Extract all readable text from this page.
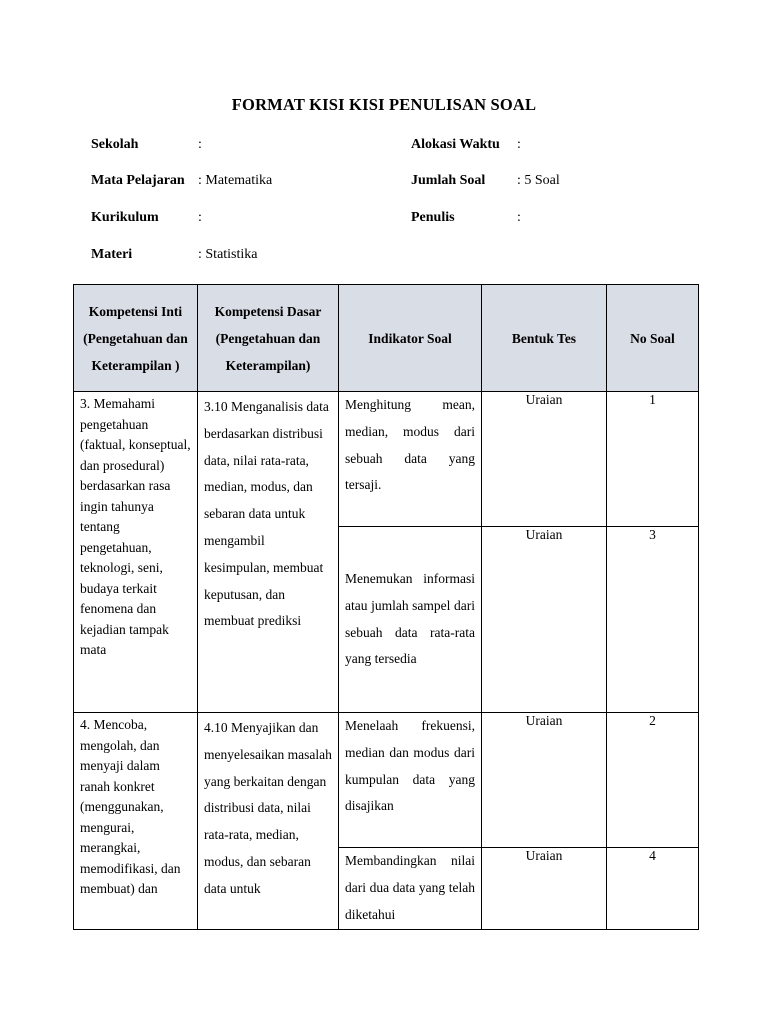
FORMAT KISI KISI PENULISAN SOAL
Sekolah	:
Mata Pelajaran : Matematika
Kurikulum	:
Materi	: Statistika
Alokasi Waktu :
Jumlah Soal : 5 Soal
Penulis	:
Kompetensi Inti (Pengetahuan dan Keterampilan )	Kompetensi Dasar (Pengetahuan dan Keterampilan)	Indikator Soal	Bentuk Tes	No Soal

3. Memahami pengetahuan (faktual, konseptual, dan prosedural) berdasarkan rasa ingin tahunya tentang pengetahuan, teknologi, seni, budaya terkait fenomena dan kejadian tampak mata	3.10 Menganalisis data berdasarkan distribusi data, nilai rata-rata, median, modus, dan sebaran data untuk mengambil kesimpulan, membuat keputusan, dan membuat prediksi	Menghitung mean, median, modus dari sebuah data yang tersaji.	Uraian	1

		Menemukan informasi atau jumlah sampel dari sebuah data rata-rata yang tersedia	Uraian	3

4. Mencoba, mengolah, dan menyaji dalam ranah konkret (menggunakan, mengurai, merangkai, memodifikasi, dan membuat) dan	4.10 Menyajikan dan menyelesaikan masalah yang berkaitan dengan distribusi data, nilai rata-rata, median, modus, dan sebaran data untuk	Menelaah frekuensi, median dan modus dari kumpulan data yang disajikan	Uraian	2

		Membandingkan nilai dari dua data yang telah diketahui	Uraian	4
